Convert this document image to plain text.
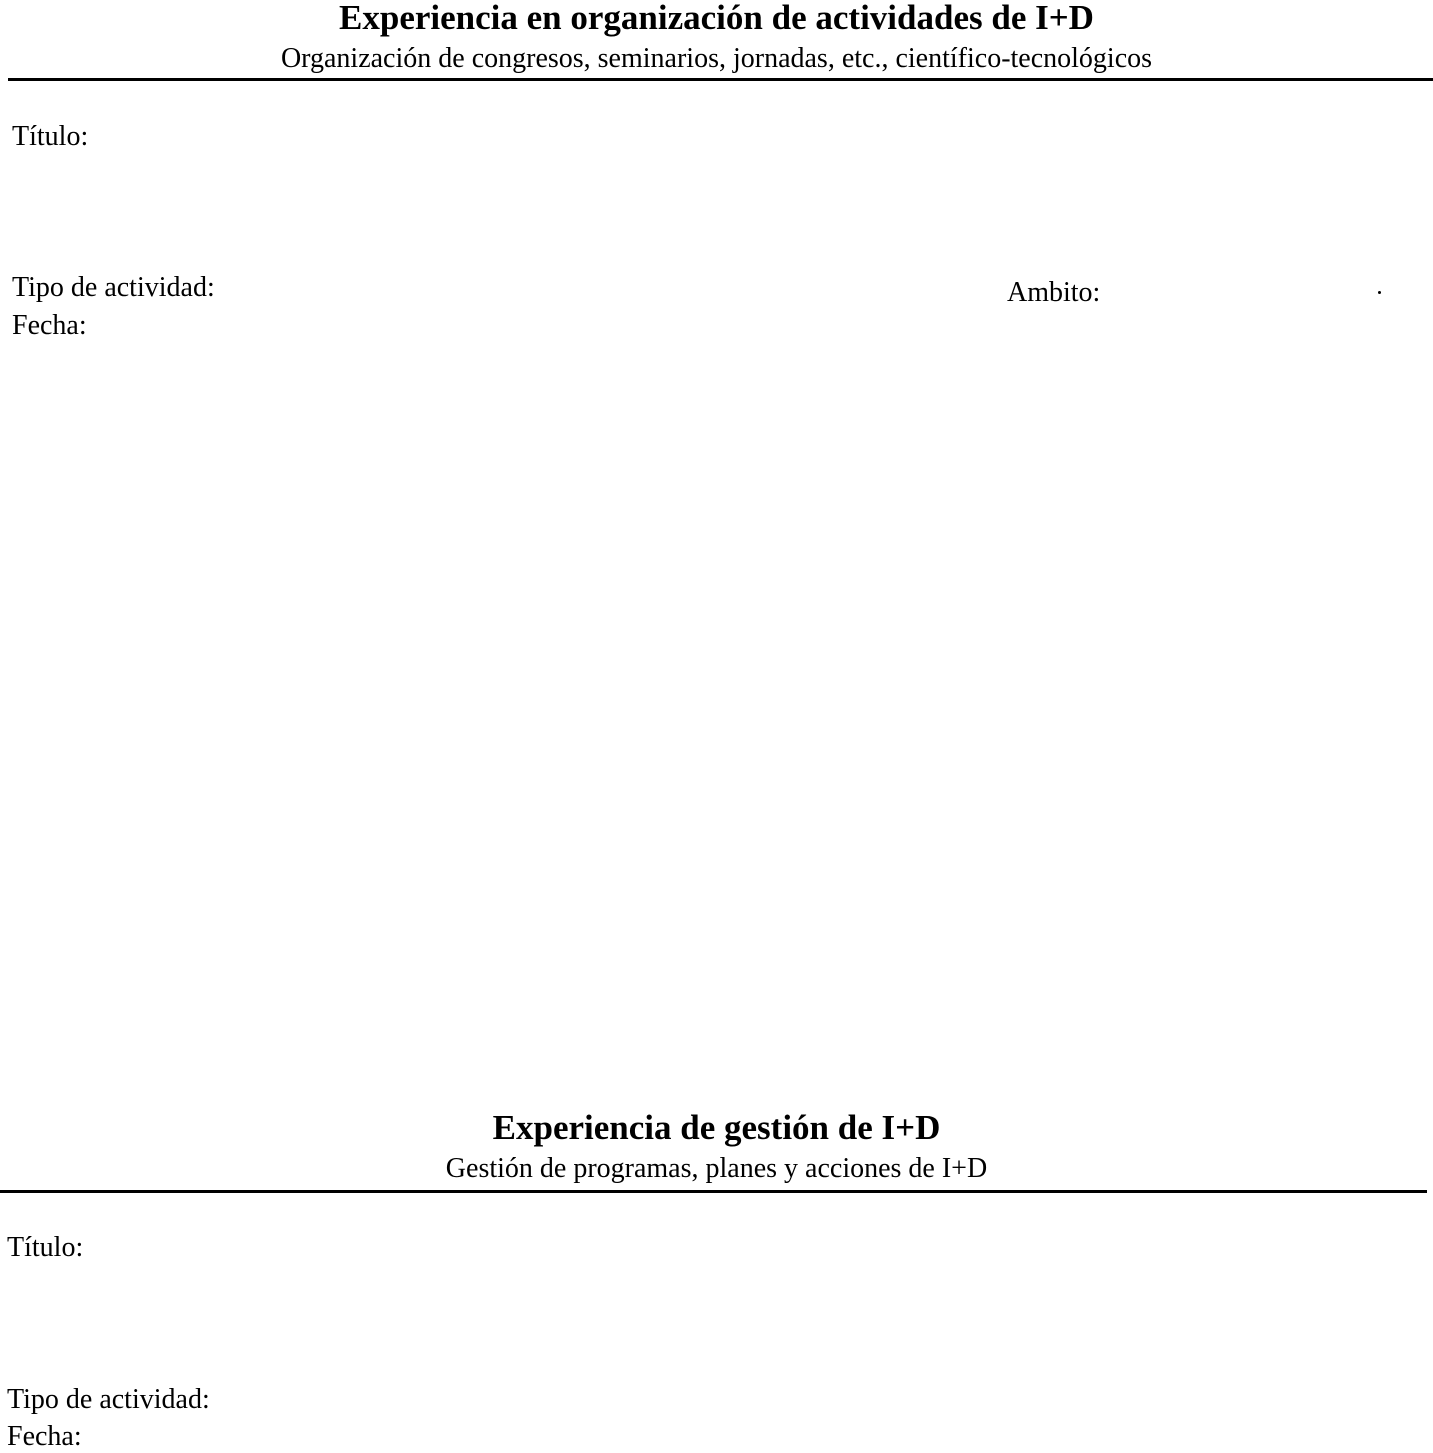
Experiencia en organización de actividades de I+D
Organización de congresos, seminarios, jornadas, etc., científico-tecnológicos
Título:
Tipo de actividad:	Ambito:
Fecha:
Experiencia de gestión de I+D
Gestión de programas, planes y acciones de I+D
Título:
Tipo de actividad:
Fecha:
